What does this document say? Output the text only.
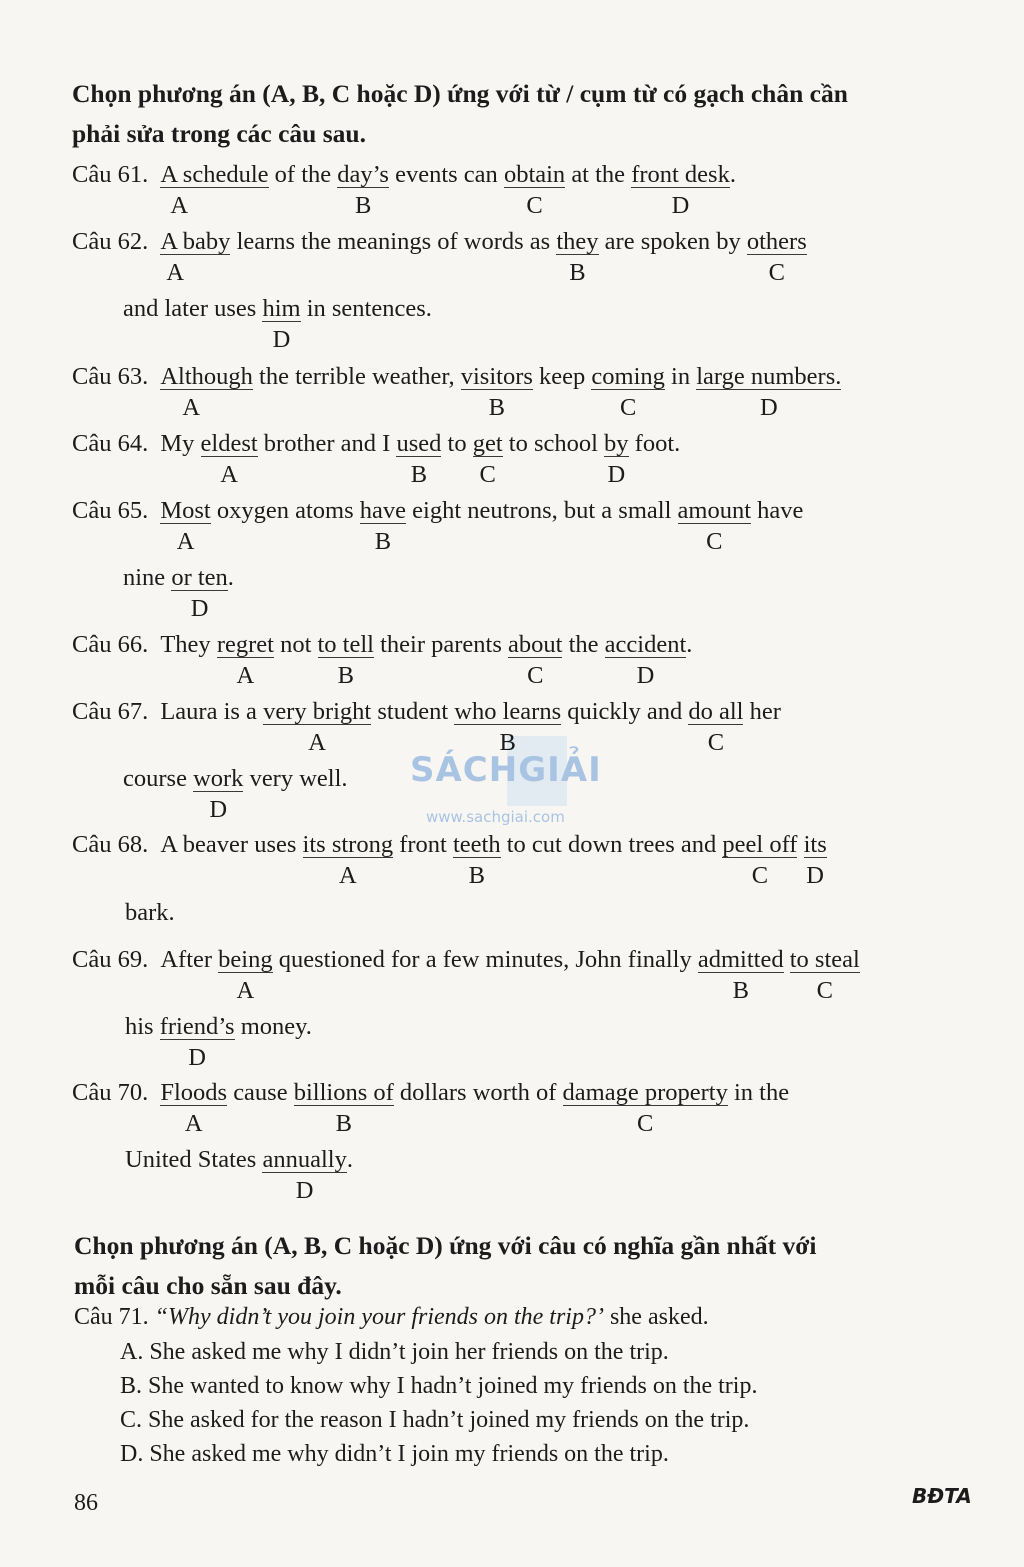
Chọn phương án (A, B, C hoặc D) ứng với từ / cụm từ có gạch chân cần
phải sửa trong các câu sau.
Câu 61. A schedule
A
of the day’s
B
events can obtain
C
at the front desk
D
.
Câu 62. A baby
A
learns the meanings of words as they
B
are spoken by others
C
and later uses him
D
in sentences.
Câu 63. Although
A
the terrible weather, visitors
B
keep coming
C
in large numbers.
D
Câu 64. My eldest
A
brother and I used
B
to get
C
to school $\frac{by}{D}$ foot.
Câu 65. Most
A
oxygen atoms have
B
eight neutrons, but a small amount
C
have
nine or ten
D
.
Câu 66. They regret
A
not to tell
B
their parents about
C
the accident
D
.
SÁCHGIẢI
www.sachgiai.com
Câu 67. Laura is a very bright
A
student who learns
B
quickly and do all
C
her
course work
D
very well.
Câu 68. A beaver uses its strong
A
front teeth
B
to cut down trees and peel off
C
its
D
bark.
Câu 69. After being
A
questioned for a few minutes, John finally admitted
B
to steal
C
his friend’s
D
money.
Câu 70. Floods
A
cause billions of
B
dollars worth of damage property
C
in the
United States annually
D
.
Chọn phương án (A, B, C hoặc D) ứng với câu có nghĩa gần nhất với
mỗi câu cho sẵn sau đây.
Câu 71. “Why didn’t you join your friends on the trip?’ she asked.
A. She asked me why I didn’t join her friends on the trip.
B. She wanted to know why I hadn’t joined my friends on the trip.
C. She asked for the reason I hadn’t joined my friends on the trip.
D. She asked me why didn’t I join my friends on the trip.
86	BĐTA
